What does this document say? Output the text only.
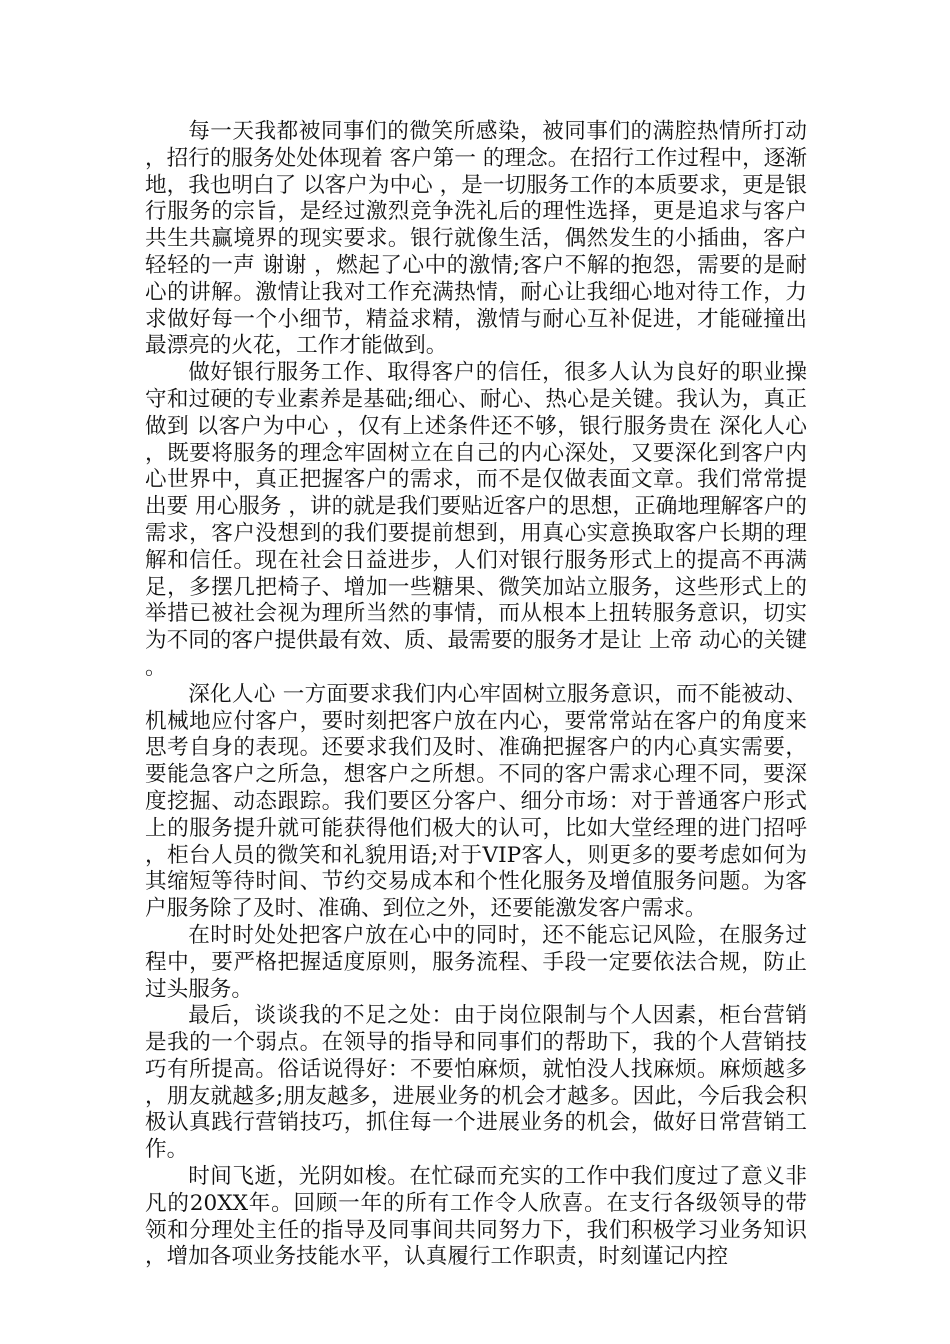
每一天我都被同事们的微笑所感染，被同事们的满腔热情所打动，招行的服务处处体现着 客户第一 的理念。在招行工作过程中，逐渐地，我也明白了 以客户为中心 ，是一切服务工作的本质要求，更是银行服务的宗旨，是经过激烈竞争洗礼后的理性选择，更是追求与客户共生共赢境界的现实要求。银行就像生活，偶然发生的小插曲，客户轻轻的一声 谢谢 ，燃起了心中的激情;客户不解的抱怨，需要的是耐心的讲解。激情让我对工作充满热情，耐心让我细心地对待工作，力求做好每一个小细节，精益求精，激情与耐心互补促进，才能碰撞出最漂亮的火花，工作才能做到。

做好银行服务工作、取得客户的信任，很多人认为良好的职业操守和过硬的专业素养是基础;细心、耐心、热心是关键。我认为，真正做到 以客户为中心 ，仅有上述条件还不够，银行服务贵在 深化人心 ，既要将服务的理念牢固树立在自己的内心深处，又要深化到客户内心世界中，真正把握客户的需求，而不是仅做表面文章。我们常常提出要 用心服务 ，讲的就是我们要贴近客户的思想，正确地理解客户的需求，客户没想到的我们要提前想到，用真心实意换取客户长期的理解和信任。现在社会日益进步，人们对银行服务形式上的提高不再满足，多摆几把椅子、增加一些糖果、微笑加站立服务，这些形式上的举措已被社会视为理所当然的事情，而从根本上扭转服务意识，切实为不同的客户提供最有效、质、最需要的服务才是让 上帝 动心的关键。

深化人心 一方面要求我们内心牢固树立服务意识，而不能被动、机械地应付客户，要时刻把客户放在内心，要常常站在客户的角度来思考自身的表现。还要求我们及时、准确把握客户的内心真实需要，要能急客户之所急，想客户之所想。不同的客户需求心理不同，要深度挖掘、动态跟踪。我们要区分客户、细分市场：对于普通客户形式上的服务提升就可能获得他们极大的认可，比如大堂经理的进门招呼，柜台人员的微笑和礼貌用语;对于VIP客人，则更多的要考虑如何为其缩短等待时间、节约交易成本和个性化服务及增值服务问题。为客户服务除了及时、准确、到位之外，还要能激发客户需求。

在时时处处把客户放在心中的同时，还不能忘记风险，在服务过程中，要严格把握适度原则，服务流程、手段一定要依法合规，防止过头服务。

最后，谈谈我的不足之处：由于岗位限制与个人因素，柜台营销是我的一个弱点。在领导的指导和同事们的帮助下，我的个人营销技巧有所提高。俗话说得好：不要怕麻烦，就怕没人找麻烦。麻烦越多，朋友就越多;朋友越多，进展业务的机会才越多。因此，今后我会积极认真践行营销技巧，抓住每一个进展业务的机会，做好日常营销工作。

时间飞逝，光阴如梭。在忙碌而充实的工作中我们度过了意义非凡的20XX年。回顾一年的所有工作令人欣喜。在支行各级领导的带领和分理处主任的指导及同事间共同努力下，我们积极学习业务知识，增加各项业务技能水平，认真履行工作职责，时刻谨记内控
